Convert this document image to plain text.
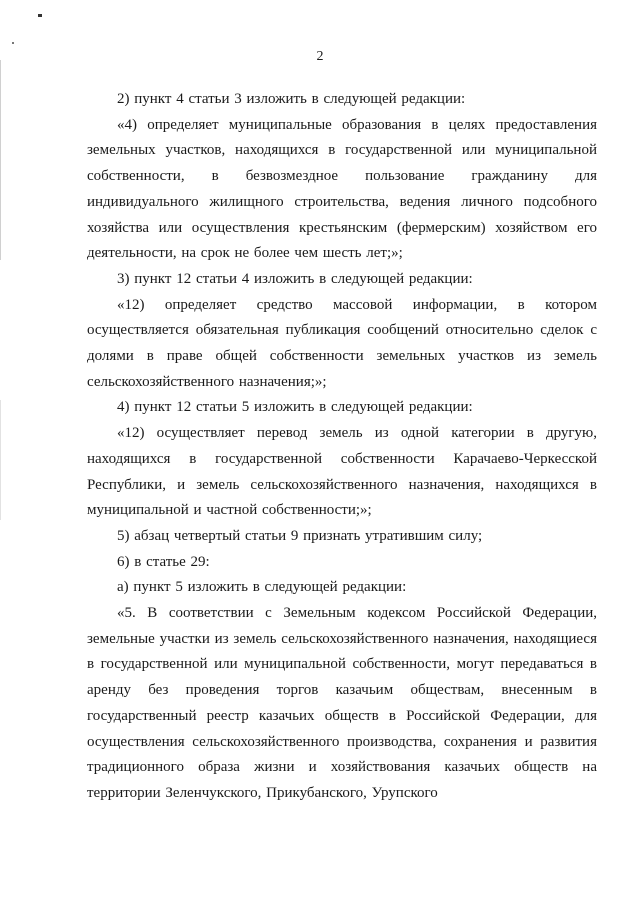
2

2) пункт 4 статьи 3 изложить в следующей редакции:

«4) определяет муниципальные образования в целях предоставления земельных участков, находящихся в государственной или муниципальной собственности, в безвозмездное пользование гражданину для индивидуального жилищного строительства, ведения личного подсобного хозяйства или осуществления крестьянским (фермерским) хозяйством его деятельности, на срок не более чем шесть лет;»;

3) пункт 12 статьи 4 изложить в следующей редакции:

«12) определяет средство массовой информации, в котором осуществляется обязательная публикация сообщений относительно сделок с долями в праве общей собственности земельных участков из земель сельскохозяйственного назначения;»;

4) пункт 12 статьи 5 изложить в следующей редакции:

«12) осуществляет перевод земель из одной категории в другую, находящихся в государственной собственности Карачаево-Черкесской Республики, и земель сельскохозяйственного назначения, находящихся в муниципальной и частной собственности;»;

5) абзац четвертый статьи 9 признать утратившим силу;

6) в статье 29:

а) пункт 5 изложить в следующей редакции:

«5. В соответствии с Земельным кодексом Российской Федерации, земельные участки из земель сельскохозяйственного назначения, находящиеся в государственной или муниципальной собственности, могут передаваться в аренду без проведения торгов казачьим обществам, внесенным в государственный реестр казачьих обществ в Российской Федерации, для осуществления сельскохозяйственного производства, сохранения и развития традиционного образа жизни и хозяйствования казачьих обществ на территории Зеленчукского, Прикубанского, Урупского
